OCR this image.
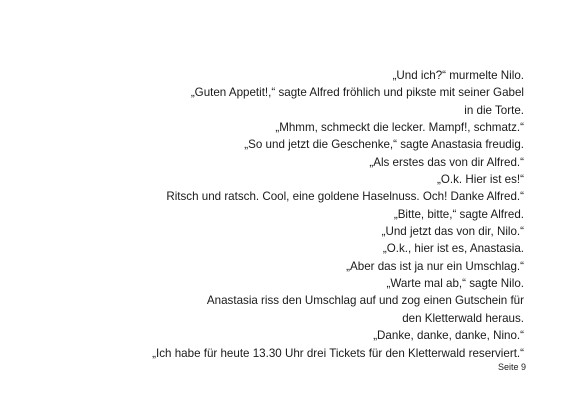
„Und ich?“ murmelte Nilo.
„Guten Appetit!,“ sagte Alfred fröhlich und pikste mit seiner Gabel
in die Torte.
„Mhmm, schmeckt die lecker. Mampf!, schmatz.“
„So und jetzt die Geschenke,“ sagte Anastasia freudig.
„Als erstes das von dir Alfred.“
„O.k. Hier ist es!“
Ritsch und ratsch. Cool, eine goldene Haselnuss. Och! Danke Alfred.“
„Bitte, bitte,“ sagte Alfred.
„Und jetzt das von dir, Nilo.“
„O.k., hier ist es, Anastasia.
„Aber das ist ja nur ein Umschlag.“
„Warte mal ab,“ sagte Nilo.
Anastasia riss den Umschlag auf und zog einen Gutschein für
den Kletterwald heraus.
„Danke, danke, danke, Nino.“
„Ich habe für heute 13.30 Uhr drei Tickets für den Kletterwald reserviert.“
Seite 9
